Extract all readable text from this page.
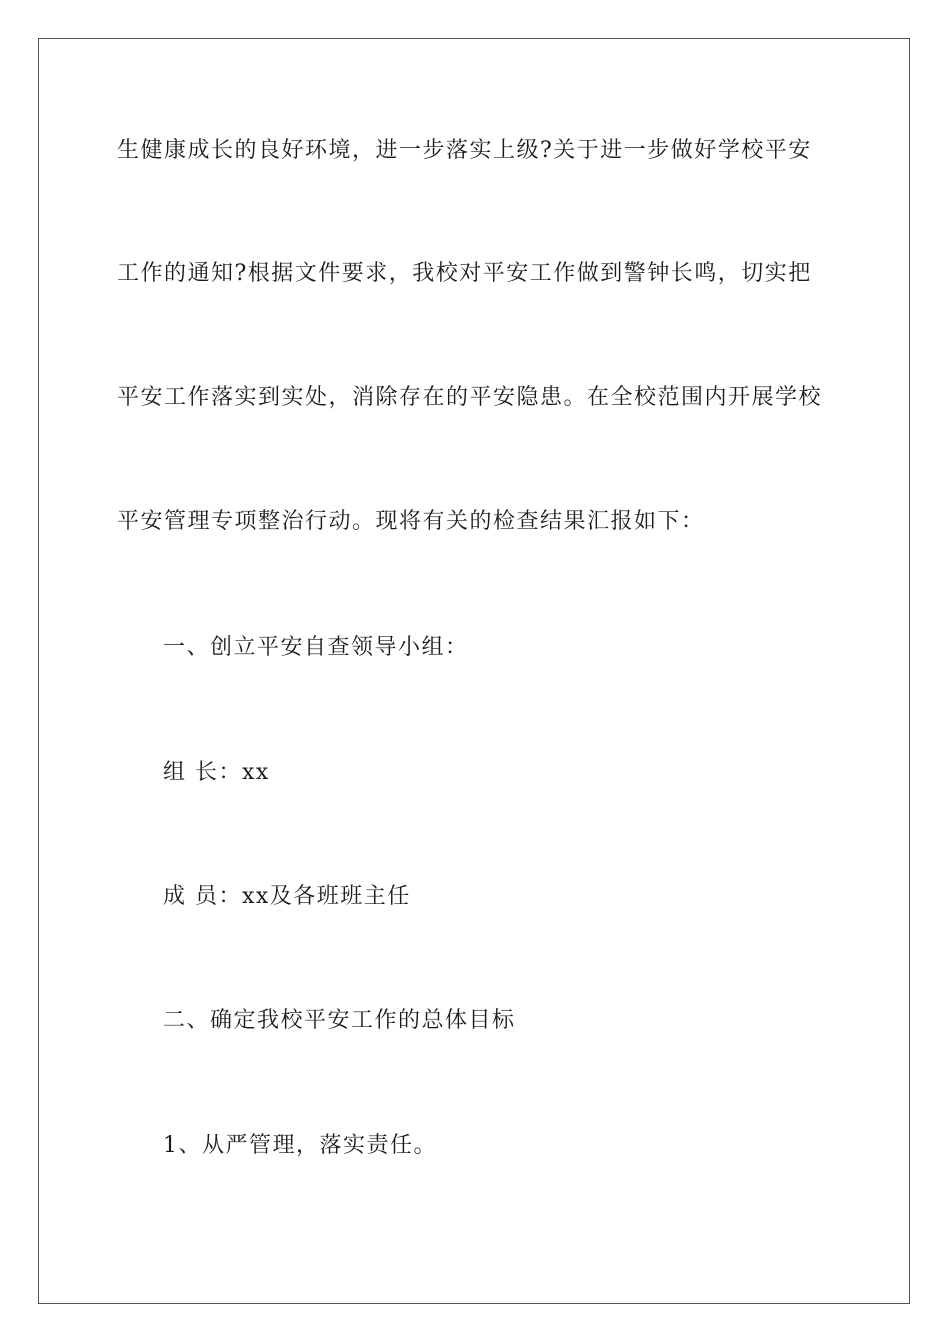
生健康成长的良好环境，进一步落实上级?关于进一步做好学校平安
工作的通知?根据文件要求，我校对平安工作做到警钟长鸣，切实把
平安工作落实到实处，消除存在的平安隐患。在全校范围内开展学校
平安管理专项整治行动。现将有关的检查结果汇报如下：
一、创立平安自查领导小组：
组 长：xx
成 员：xx及各班班主任
二、确定我校平安工作的总体目标
1、从严管理，落实责任。
